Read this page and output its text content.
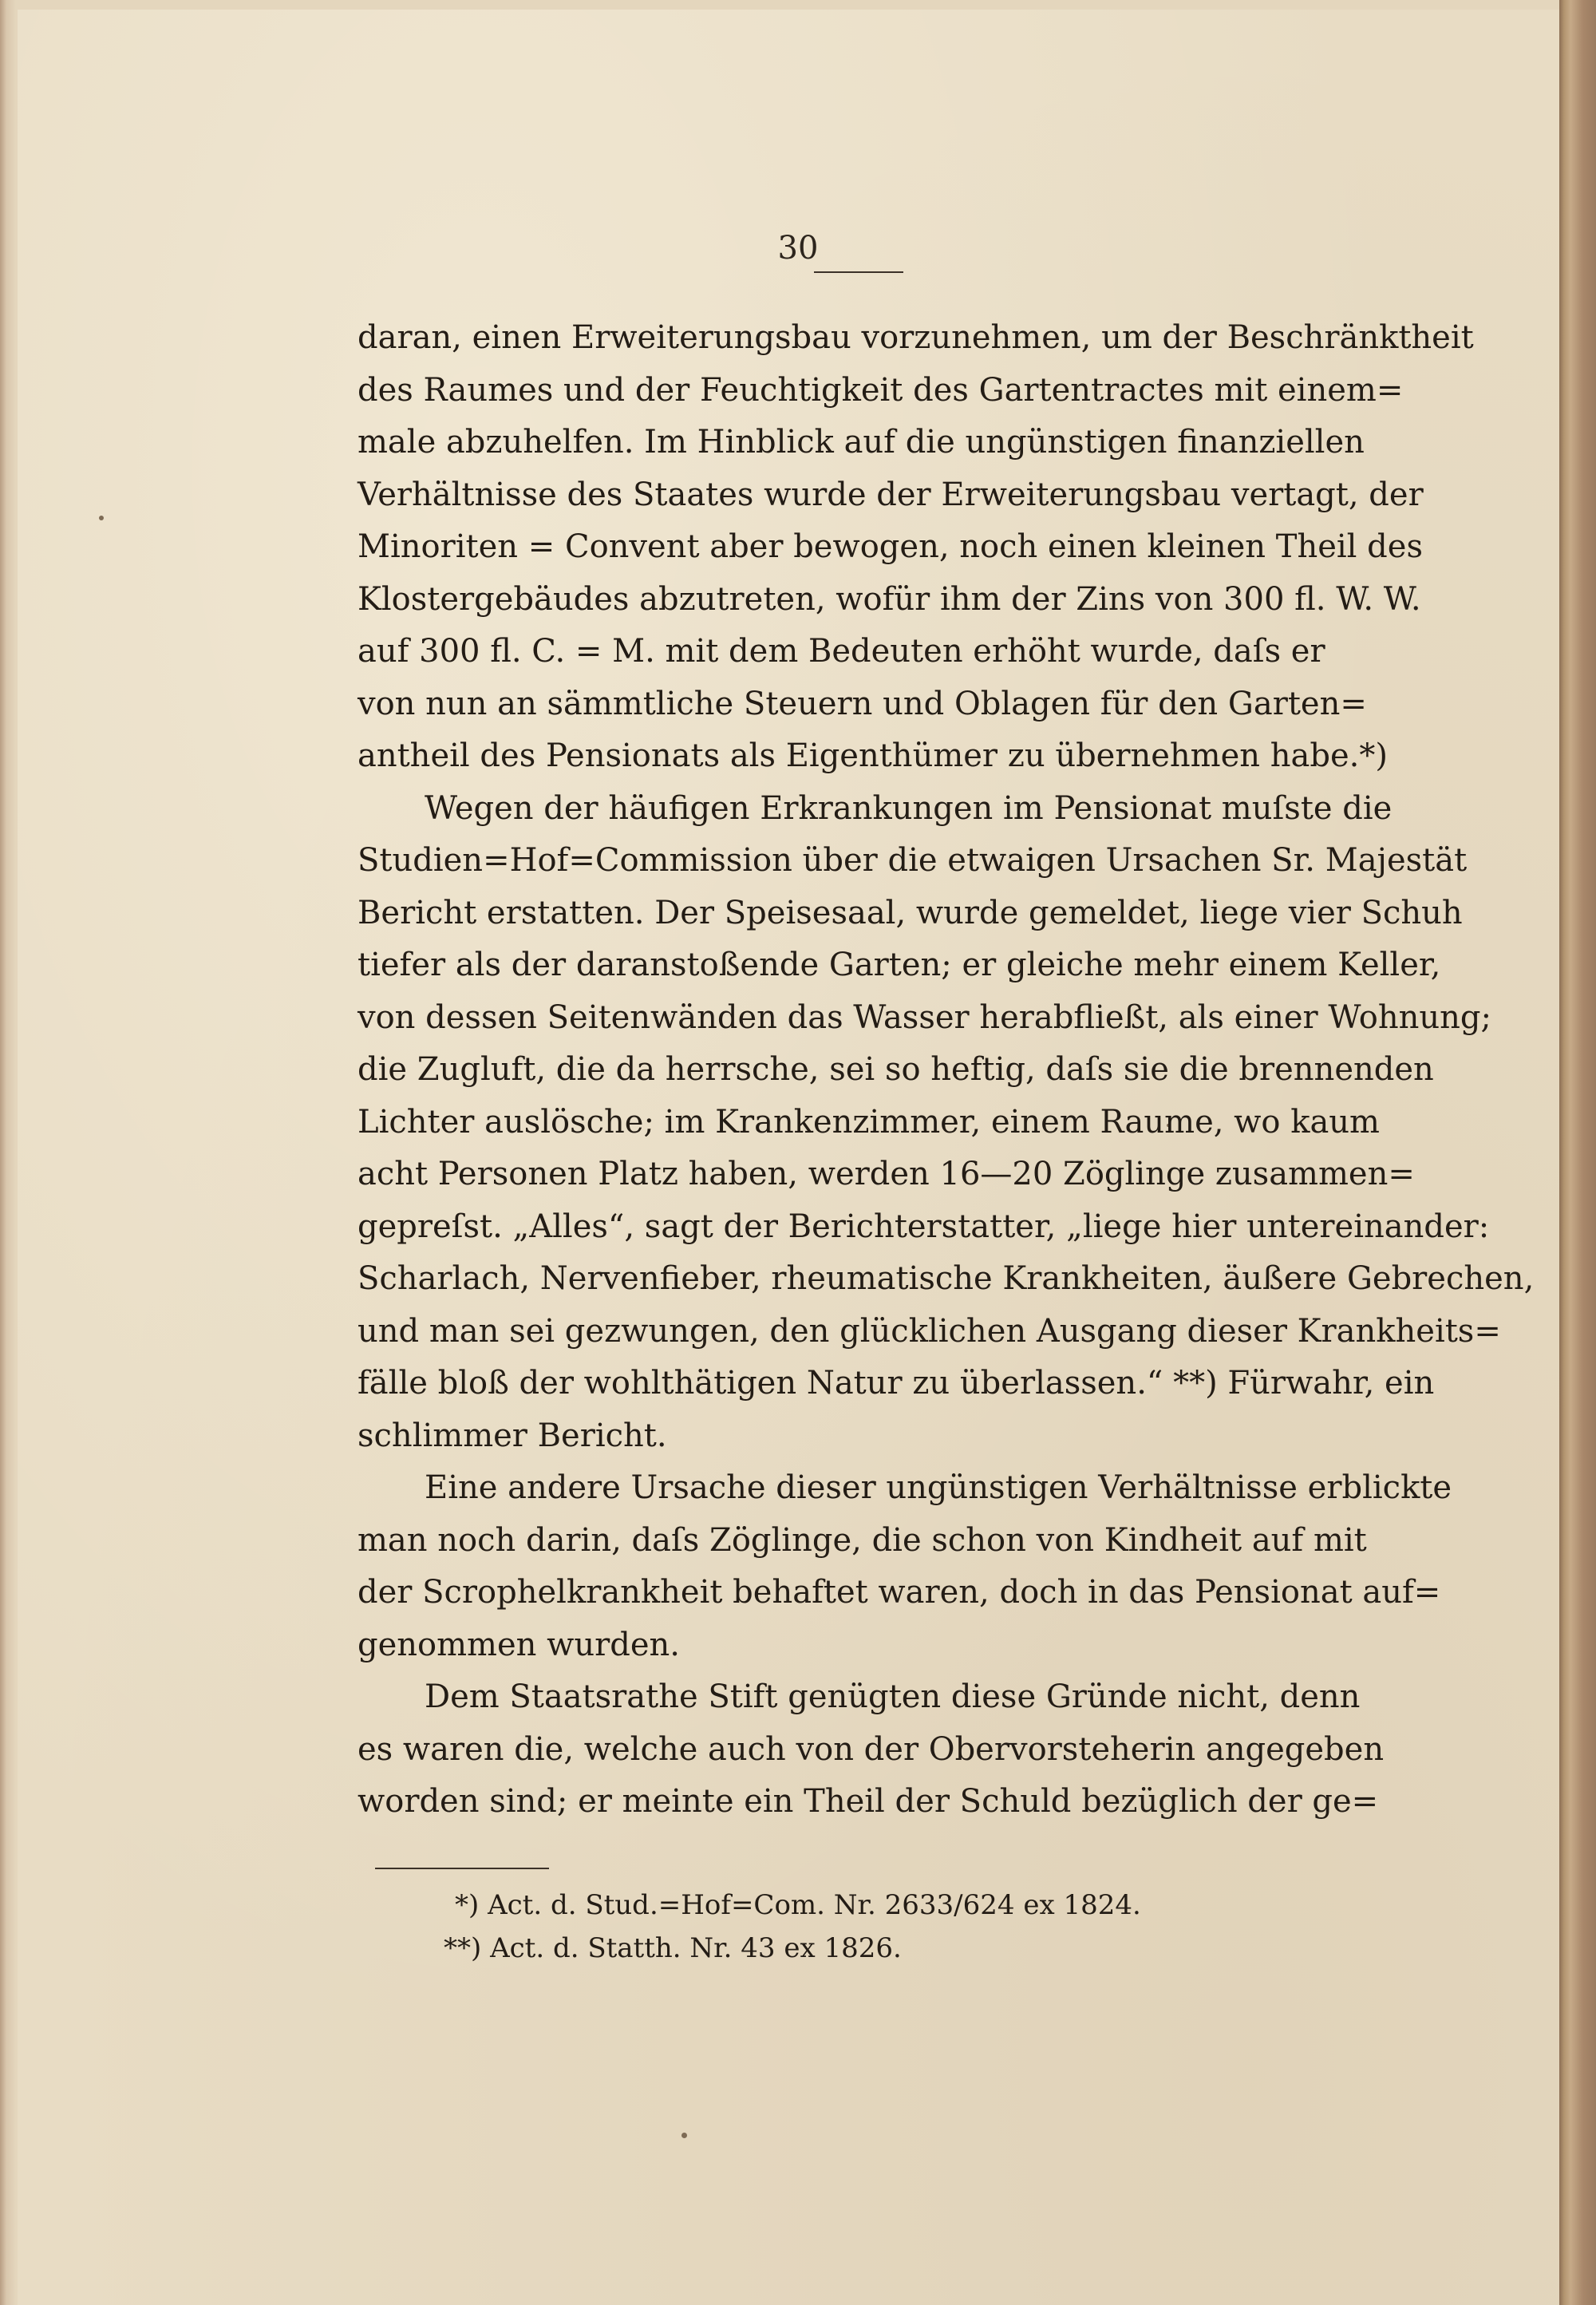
30
daran, einen Erweiterungsbau vorzunehmen, um der Beschränktheit
des Raumes und der Feuchtigkeit des Gartentractes mit einem=
male abzuhelfen. Im Hinblick auf die ungünstigen finanziellen
Verhältnisse des Staates wurde der Erweiterungsbau vertagt, der
Minoriten = Convent aber bewogen, noch einen kleinen Theil des
Klostergebäudes abzutreten, wofür ihm der Zins von 300 fl. W. W.
auf 300 fl. C. = M. mit dem Bedeuten erhöht wurde, daſs er
von nun an sämmtliche Steuern und Oblagen für den Garten=
antheil des Pensionats als Eigenthümer zu übernehmen habe.*)
Wegen der häufigen Erkrankungen im Pensionat muſste die
Studien=Hof=Commission über die etwaigen Ursachen Sr. Majestät
Bericht erstatten. Der Speisesaal, wurde gemeldet, liege vier Schuh
tiefer als der daranstoßende Garten; er gleiche mehr einem Keller,
von dessen Seitenwänden das Wasser herabfließt, als einer Wohnung;
die Zugluft, die da herrsche, sei so heftig, daſs sie die brennenden
Lichter auslösche; im Krankenzimmer, einem Raume, wo kaum
acht Personen Platz haben, werden 16—20 Zöglinge zusammen=
gepreſst. „Alles“, sagt der Berichterstatter, „liege hier untereinander:
Scharlach, Nervenfieber, rheumatische Krankheiten, äußere Gebrechen,
und man sei gezwungen, den glücklichen Ausgang dieser Krankheits=
fälle bloß der wohlthätigen Natur zu überlassen.“ **) Fürwahr, ein
schlimmer Bericht.
Eine andere Ursache dieser ungünstigen Verhältnisse erblickte
man noch darin, daſs Zöglinge, die schon von Kindheit auf mit
der Scrophelkrankheit behaftet waren, doch in das Pensionat auf=
genommen wurden.
Dem Staatsrathe Stift genügten diese Gründe nicht, denn
es waren die, welche auch von der Obervorsteherin angegeben
worden sind; er meinte ein Theil der Schuld bezüglich der ge=
*) Act. d. Stud.=Hof=Com. Nr. 2633/624 ex 1824.
**) Act. d. Statth. Nr. 43 ex 1826.
